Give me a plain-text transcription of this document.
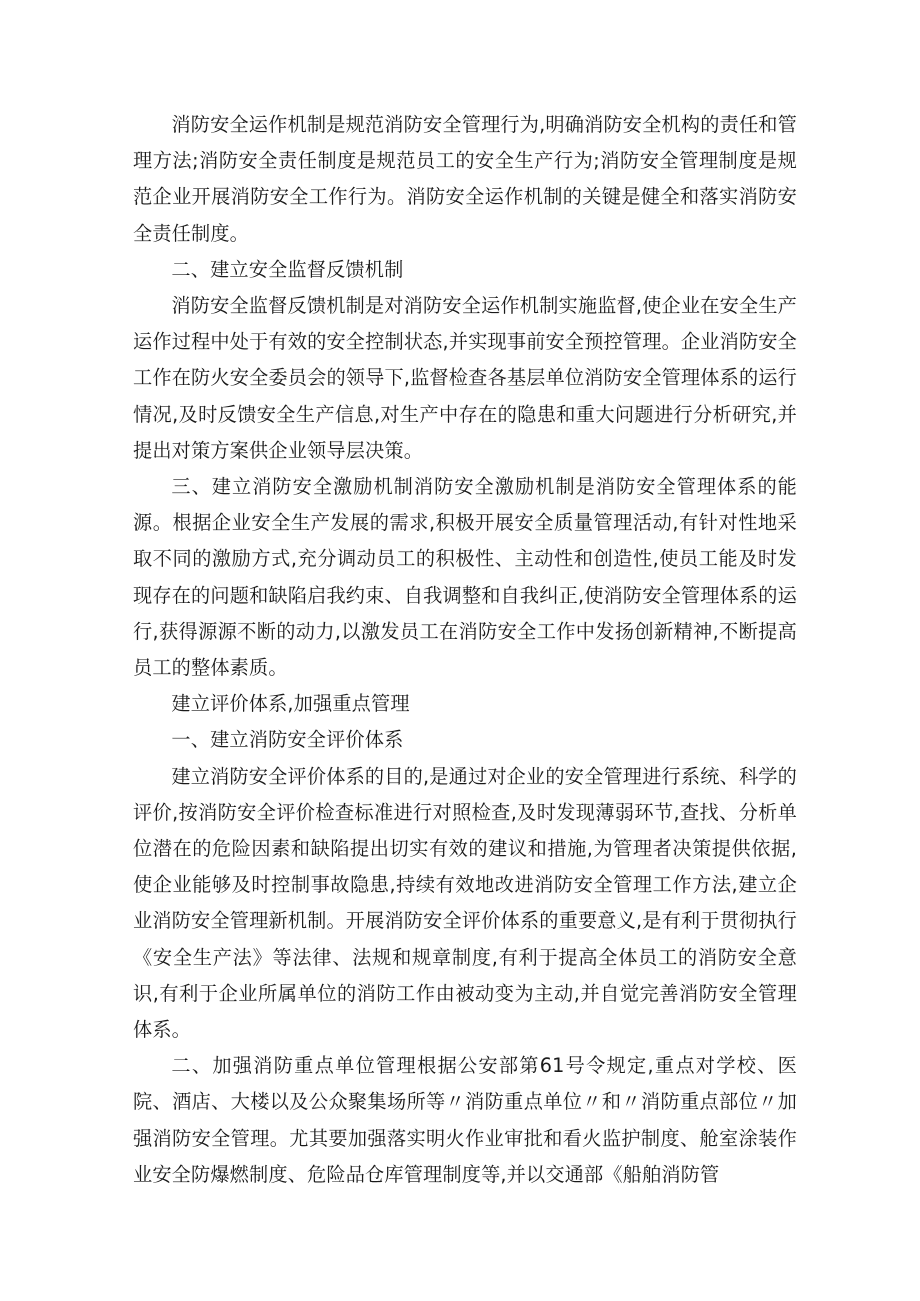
消防安全运作机制是规范消防安全管理行为,明确消防安全机构的责任和管理方法;消防安全责任制度是规范员工的安全生产行为;消防安全管理制度是规范企业开展消防安全工作行为。消防安全运作机制的关键是健全和落实消防安全责任制度。

二、建立安全监督反馈机制

消防安全监督反馈机制是对消防安全运作机制实施监督,使企业在安全生产运作过程中处于有效的安全控制状态,并实现事前安全预控管理。企业消防安全工作在防火安全委员会的领导下,监督检查各基层单位消防安全管理体系的运行情况,及时反馈安全生产信息,对生产中存在的隐患和重大问题进行分析研究,并提出对策方案供企业领导层决策。

三、建立消防安全激励机制消防安全激励机制是消防安全管理体系的能源。根据企业安全生产发展的需求,积极开展安全质量管理活动,有针对性地采取不同的激励方式,充分调动员工的积极性、主动性和创造性,使员工能及时发现存在的问题和缺陷启我约束、自我调整和自我纠正,使消防安全管理体系的运行,获得源源不断的动力,以激发员工在消防安全工作中发扬创新精神,不断提高员工的整体素质。

建立评价体系,加强重点管理

一、建立消防安全评价体系

建立消防安全评价体系的目的,是通过对企业的安全管理进行系统、科学的评价,按消防安全评价检查标准进行对照检查,及时发现薄弱环节,查找、分析单位潜在的危险因素和缺陷提出切实有效的建议和措施,为管理者决策提供依据,使企业能够及时控制事故隐患,持续有效地改进消防安全管理工作方法,建立企业消防安全管理新机制。开展消防安全评价体系的重要意义,是有利于贯彻执行《安全生产法》等法律、法规和规章制度,有利于提高全体员工的消防安全意识,有利于企业所属单位的消防工作由被动变为主动,并自觉完善消防安全管理体系。

二、加强消防重点单位管理根据公安部第61号令规定,重点对学校、医院、酒店、大楼以及公众聚集场所等〃消防重点单位〃和〃消防重点部位〃加强消防安全管理。尤其要加强落实明火作业审批和看火监护制度、舱室涂装作业安全防爆燃制度、危险品仓库管理制度等,并以交通部《船舶消防管
